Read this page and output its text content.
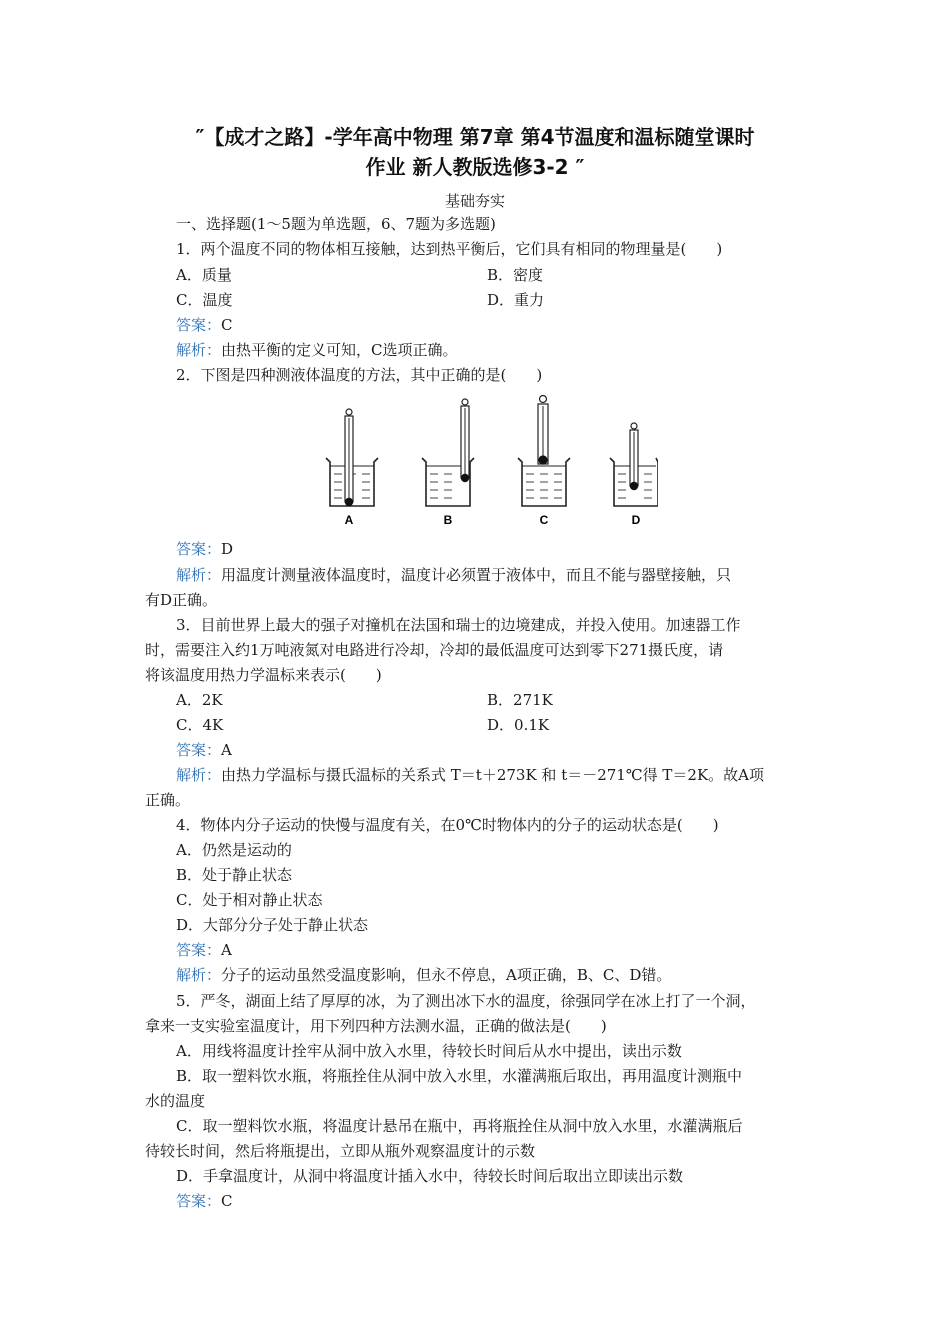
″【成才之路】-学年高中物理 第7章 第4节温度和温标随堂课时
作业 新人教版选修3-2 ″
基础夯实
一、选择题(1～5题为单选题，6、7题为多选题)
1．两个温度不同的物体相互接触，达到热平衡后，它们具有相同的物理量是(　　)
A．质量	B．密度
C．温度	D．重力
答案：C
解析：由热平衡的定义可知，C选项正确。
2．下图是四种测液体温度的方法，其中正确的是(　　)
A	B	C	D
答案：D
解析：用温度计测量液体温度时，温度计必须置于液体中，而且不能与器壁接触，只
有D正确。
3．目前世界上最大的强子对撞机在法国和瑞士的边境建成，并投入使用。加速器工作
时，需要注入约1万吨液氮对电路进行冷却，冷却的最低温度可达到零下271摄氏度，请
将该温度用热力学温标来表示(　　)
A．2K	B．271K
C．4K	D．0.1K
答案：A
解析：由热力学温标与摄氏温标的关系式 T＝t＋273K 和 t＝－271℃得 T＝2K。故A项
正确。
4．物体内分子运动的快慢与温度有关，在0℃时物体内的分子的运动状态是(　　)
A．仍然是运动的
B．处于静止状态
C．处于相对静止状态
D．大部分分子处于静止状态
答案：A
解析：分子的运动虽然受温度影响，但永不停息，A项正确，B、C、D错。
5．严冬，湖面上结了厚厚的冰，为了测出冰下水的温度，徐强同学在冰上打了一个洞，
拿来一支实验室温度计，用下列四种方法测水温，正确的做法是(　　)
A．用线将温度计拴牢从洞中放入水里，待较长时间后从水中提出，读出示数
B．取一塑料饮水瓶，将瓶拴住从洞中放入水里，水灌满瓶后取出，再用温度计测瓶中
水的温度
C．取一塑料饮水瓶，将温度计悬吊在瓶中，再将瓶拴住从洞中放入水里，水灌满瓶后
待较长时间，然后将瓶提出，立即从瓶外观察温度计的示数
D．手拿温度计，从洞中将温度计插入水中，待较长时间后取出立即读出示数
答案：C
